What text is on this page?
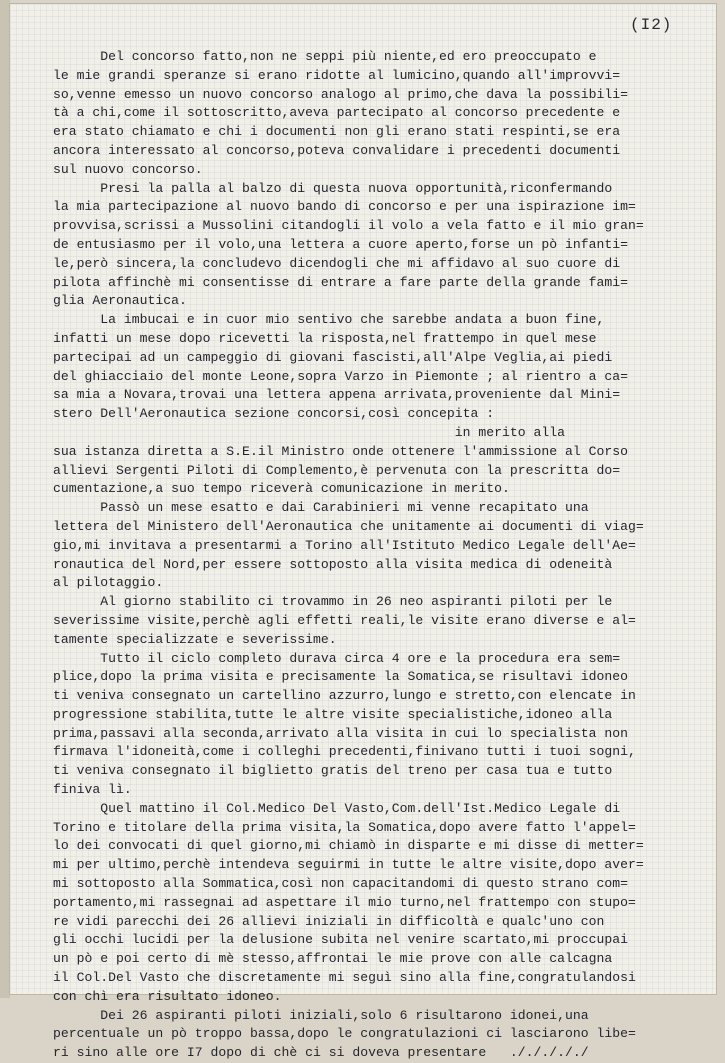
(I2)
Del concorso fatto,non ne seppi più niente,ed ero preoccupato e
le mie grandi speranze si erano ridotte al lumicino,quando all'improvvi=
so,venne emesso un nuovo concorso analogo al primo,che dava la possibili=
tà a chi,come il sottoscritto,aveva partecipato al concorso precedente e
era stato chiamato e chi i documenti non gli erano stati respinti,se era
ancora interessato al concorso,poteva convalidare i precedenti documenti
sul nuovo concorso.
Presi la palla al balzo di questa nuova opportunità,riconfermando
la mia partecipazione al nuovo bando di concorso e per una ispirazione im=
provvisa,scrissi a Mussolini citandogli il volo a vela fatto e il mio gran=
de entusiasmo per il volo,una lettera a cuore aperto,forse un pò infanti=
le,però sincera,la concludevo dicendogli che mi affidavo al suo cuore di
pilota affinchè mi consentisse di entrare a fare parte della grande fami=
glia Aeronautica.
La imbucai e in cuor mio sentivo che sarebbe andata a buon fine,
infatti un mese dopo ricevetti la risposta,nel frattempo in quel mese
partecipai ad un campeggio di giovani fascisti,all'Alpe Veglia,ai piedi
del ghiacciaio del monte Leone,sopra Varzo in Piemonte ; al rientro a ca=
sa mia a Novara,trovai una lettera appena arrivata,proveniente dal Mini=
stero Dell'Aeronautica sezione concorsi,così concepita :
in merito alla
sua istanza diretta a S.E.il Ministro onde ottenere l'ammissione al Corso
allievi Sergenti Piloti di Complemento,è pervenuta con la prescritta do=
cumentazione,a suo tempo riceverà comunicazione in merito.
Passò un mese esatto e dai Carabinieri mi venne recapitato una
lettera del Ministero dell'Aeronautica che unitamente ai documenti di viag=
gio,mi invitava a presentarmi a Torino all'Istituto Medico Legale dell'Ae=
ronautica del Nord,per essere sottoposto alla visita medica di odeneità
al pilotaggio.
Al giorno stabilito ci trovammo in 26 neo aspiranti piloti per le
severissime visite,perchè agli effetti reali,le visite erano diverse e al=
tamente specializzate e severissime.
Tutto il ciclo completo durava circa 4 ore e la procedura era sem=
plice,dopo la prima visita e precisamente la Somatica,se risultavi idoneo
ti veniva consegnato un cartellino azzurro,lungo e stretto,con elencate in
progressione stabilita,tutte le altre visite specialistiche,idoneo alla
prima,passavi alla seconda,arrivato alla visita in cui lo specialista non
firmava l'idoneità,come i colleghi precedenti,finivano tutti i tuoi sogni,
ti veniva consegnato il biglietto gratis del treno per casa tua e tutto
finiva lì.
Quel mattino il Col.Medico Del Vasto,Com.dell'Ist.Medico Legale di
Torino e titolare della prima visita,la Somatica,dopo avere fatto l'appel=
lo dei convocati di quel giorno,mi chiamò in disparte e mi disse di metter=
mi per ultimo,perchè intendeva seguirmi in tutte le altre visite,dopo aver=
mi sottoposto alla Sommatica,così non capacitandomi di questo strano com=
portamento,mi rassegnai ad aspettare il mio turno,nel frattempo con stupo=
re vidi parecchi dei 26 allievi iniziali in difficoltà e qualc'uno con
gli occhi lucidi per la delusione subita nel venire scartato,mi proccupai
un pò e poi certo di mè stesso,affrontai le mie prove con alle calcagna
il Col.Del Vasto che discretamente mi seguì sino alla fine,congratulandosi
con chì era risultato idoneo.
Dei 26 aspiranti piloti iniziali,solo 6 risultarono idonei,una
percentuale un pò troppo bassa,dopo le congratulazioni ci lasciarono libe=
ri sino alle ore I7 dopo di chè ci si doveva presentare   ./././././
